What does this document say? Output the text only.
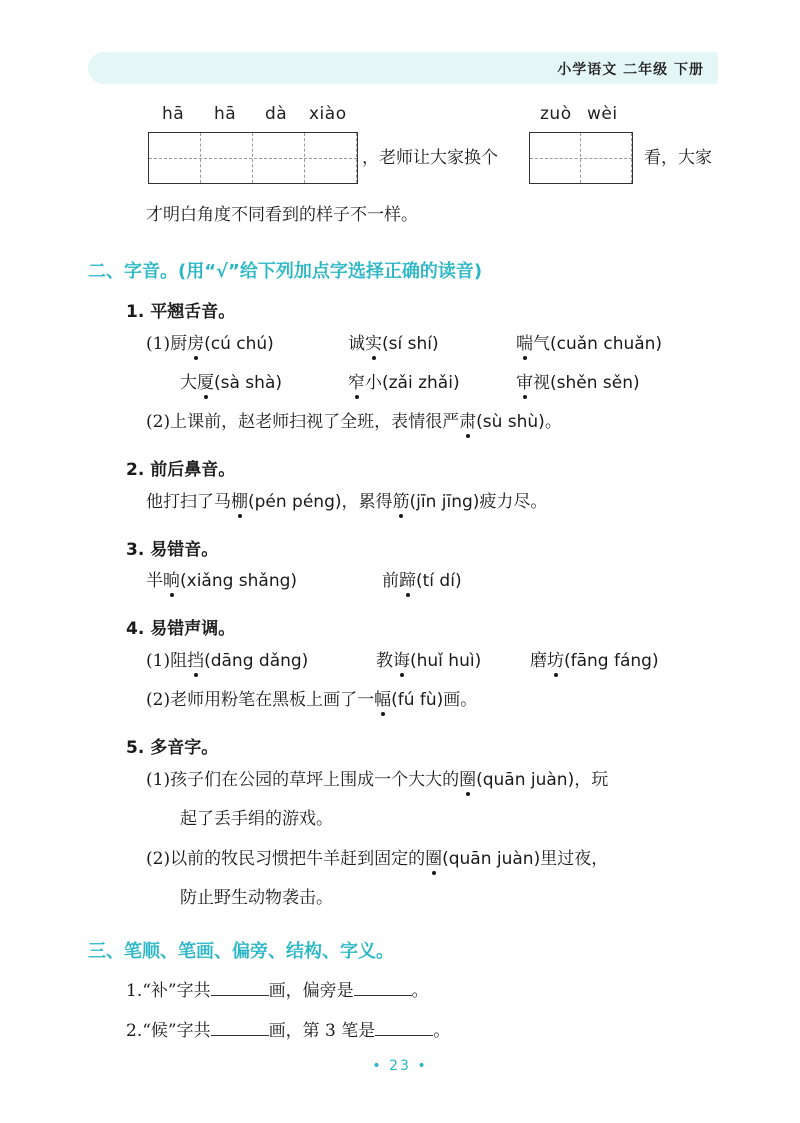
小学语文 二年级 下册
hā hā dà xiào	zuò wèi
，老师让大家换个	看，大家
才明白角度不同看到的样子不一样。
二、字音。(用“√”给下列加点字选择正确的读音)
1. 平翘舌音。
(1)厨房(cú chú)	诚实(sí shí)	喘气(cuǎn chuǎn)
大厦(sà shà)	窄小(zǎi zhǎi)	审视(shěn sěn)
(2)上课前，赵老师扫视了全班，表情很严肃(sù shù)。
2. 前后鼻音。
他打扫了马棚(pén péng)，累得筋(jīn jīng)疲力尽。
3. 易错音。
半晌(xiǎng shǎng)	前蹄(tí dí)
4. 易错声调。
(1)阻挡(dāng dǎng)	教诲(huǐ huì)	磨坊(fāng fáng)
(2)老师用粉笔在黑板上画了一幅(fú fù)画。
5. 多音字。
(1)孩子们在公园的草坪上围成一个大大的圈(quān juàn)，玩
起了丢手绢的游戏。
(2)以前的牧民习惯把牛羊赶到固定的圈(quān juàn)里过夜，
防止野生动物袭击。
三、笔顺、笔画、偏旁、结构、字义。
1.“补”字共	画，偏旁是	。
2.“候”字共	画，第 3 笔是	。
• 23 •
